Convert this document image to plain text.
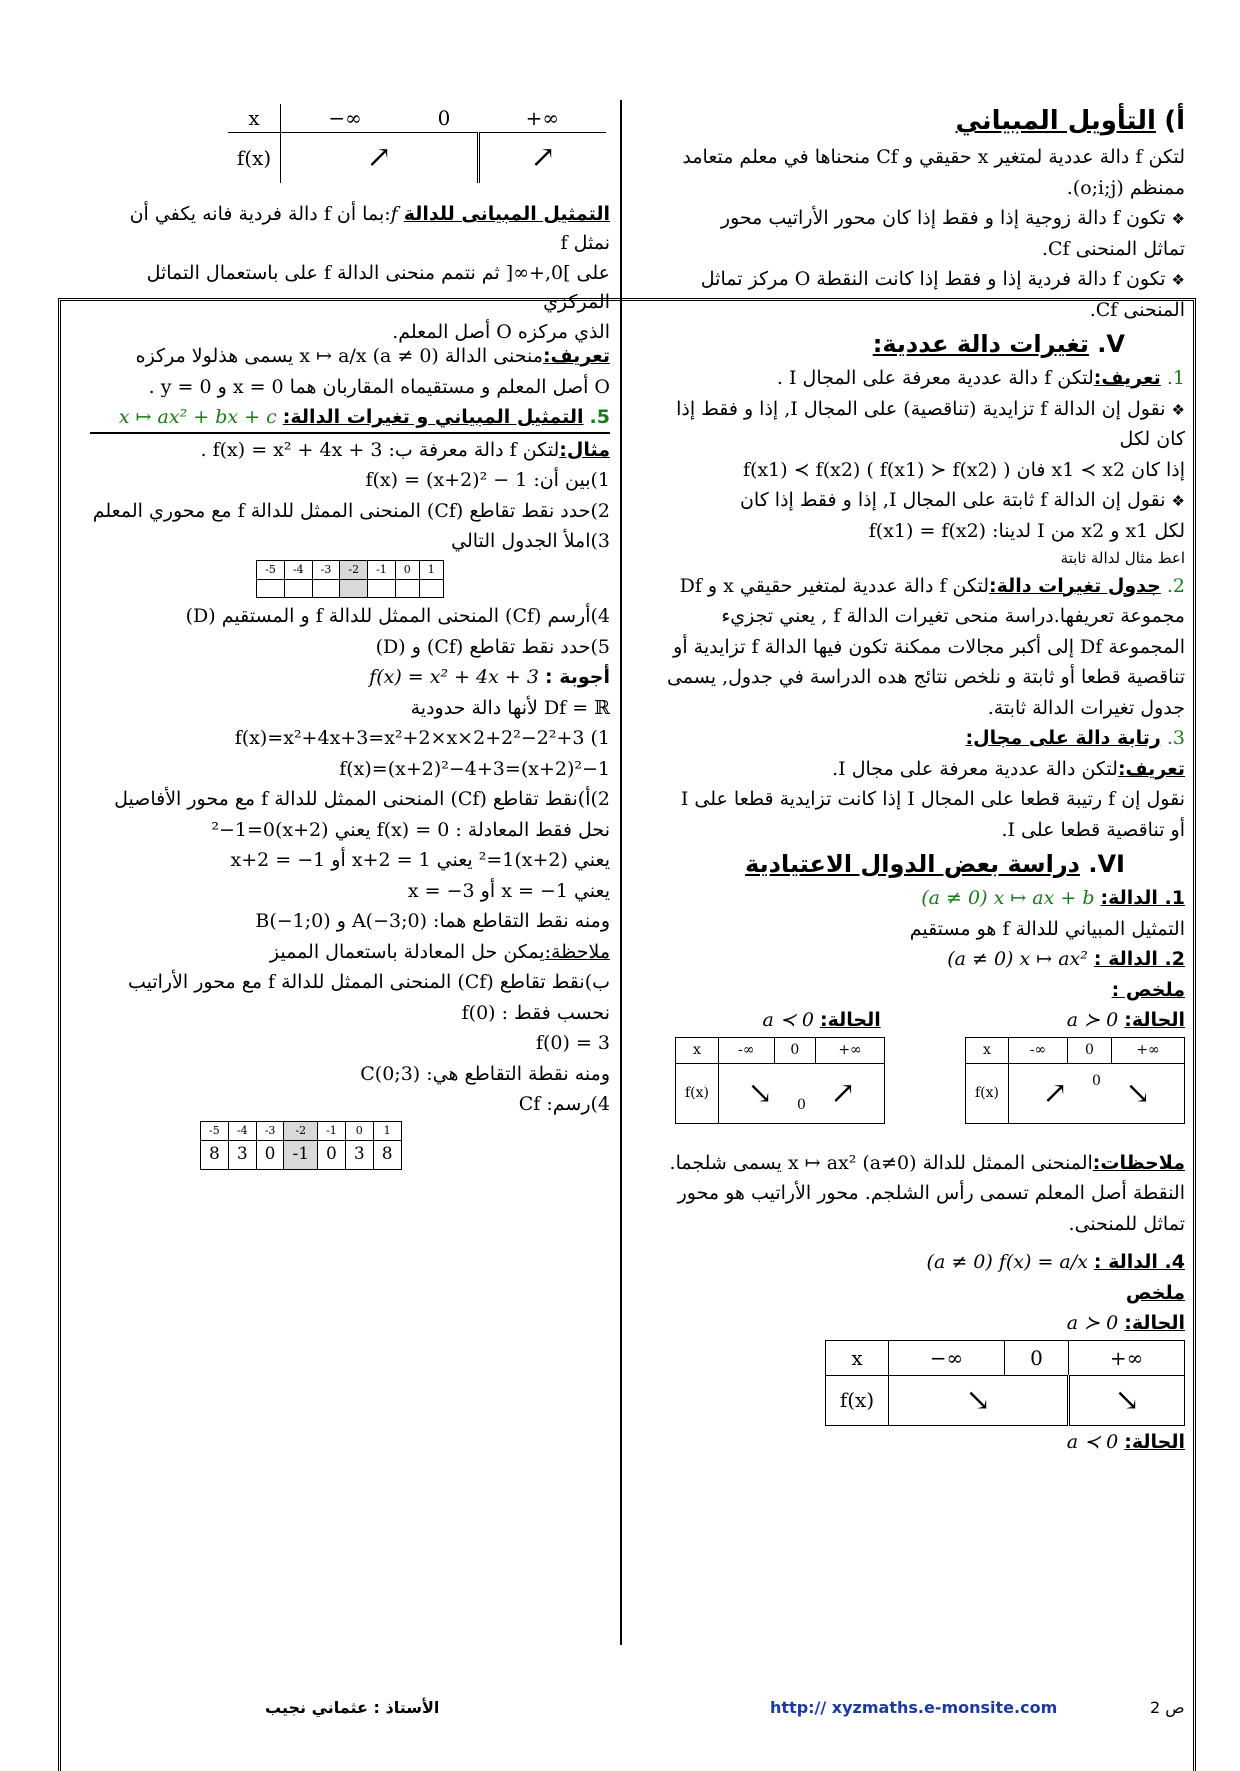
x	−∞	0	+∞
f(x)	↗	↗
التمثيل المبيانى للدالة f:بما أن f دالة فردية فانه يكفي أن نمثل f
على ]0,+∞[ ثم نتمم منحنى الدالة f على باستعمال التماثل المركزي
الذي مركزه O أصل المعلم.
أ) التأويل المبياني
لتكن f دالة عددية لمتغير x حقيقي و Cf منحناها في معلم متعامد
ممنظم (o;i;j).
❖ تكون f دالة زوجية إذا و فقط إذا كان محور الأراتيب محور
تماثل المنحنى Cf.
❖ تكون f دالة فردية إذا و فقط إذا كانت النقطة O مركز تماثل
المنحنى Cf.
V. تغيرات دالة عددية:
1. تعريف:لتكن f دالة عددية معرفة على المجال I .
❖ نقول إن الدالة f تزايدية (تناقصية) على المجال I, إذا و فقط إذا
كان لكل
إذا كان x1 ≺ x2 فان f(x1) ≺ f(x2) ( f(x1) ≻ f(x2) )
❖ نقول إن الدالة f ثابتة على المجال I, إذا و فقط إذا كان
لكل x1 و x2 من I لدينا: f(x1) = f(x2)
اعط مثال لدالة ثابتة
2. جدول تغيرات دالة:لتكن f دالة عددية لمتغير حقيقي x و Df
مجموعة تعريفها.دراسة منحى تغيرات الدالة f , يعني تجزيء
المجموعة Df إلى أكبر مجالات ممكنة تكون فيها الدالة f تزايدية أو
تناقصية قطعا أو ثابتة و نلخص نتائج هده الدراسة في جدول, يسمى
جدول تغيرات الدالة ثابتة.
3. رتابة دالة على مجال:
تعريف:لتكن دالة عددية معرفة على مجال I.
نقول إن f رتيبة قطعا على المجال I إذا كانت تزايدية قطعا على I
أو تناقصية قطعا على I.
VI. دراسة بعض الدوال الاعتيادية
1. الدالة: x ↦ ax + b (a ≠ 0)
التمثيل المبياني للدالة f هو مستقيم
2. الدالة : x ↦ ax² (a ≠ 0)
ملخص :
الحالة: a ≻ 0 الحالة: a ≺ 0
x	-∞	0	+∞
f(x)	↗ 0 ↘
x	-∞	0	+∞
f(x)	↘ 0 ↗
ملاحظات:المنحنى الممثل للدالة x ↦ ax² (a≠0) يسمى شلجما.
النقطة أصل المعلم تسمى رأس الشلجم. محور الأراتيب هو محور
تماثل للمنحنى.
4. الدالة : f(x) = a/x (a ≠ 0)
ملخص
الحالة: a ≻ 0
x	−∞	0	+∞
f(x)	↘	↘
الحالة: a ≺ 0
تعريف:منحنى الدالة x ↦ a/x (a ≠ 0) يسمى هذلولا مركزه
O أصل المعلم و مستقيماه المقاربان هما x = 0 و y = 0 .
5. التمثيل المبياني و تغيرات الدالة: x ↦ ax² + bx + c
مثال:لتكن f دالة معرفة ب: f(x) = x² + 4x + 3 .
1)بين أن: f(x) = (x+2)² − 1
2)حدد نقط تقاطع (Cf) المنحنى الممثل للدالة f مع محوري المعلم
3)املأ الجدول التالي
-5	-4	-3	-2	-1	0	1

4)أرسم (Cf) المنحنى الممثل للدالة f و المستقيم (D)
5)حدد نقط تقاطع (Cf) و (D)
أجوبة : f(x) = x² + 4x + 3
Df = ℝ لأنها دالة حدودية
f(x)=x²+4x+3=x²+2×x×2+2²−2²+3 (1
f(x)=(x+2)²−4+3=(x+2)²−1
2)أ)نقط تقاطع (Cf) المنحنى الممثل للدالة f مع محور الأفاصيل
نحل فقط المعادلة : f(x) = 0 يعني (x+2)²−1=0
يعني (x+2)²=1 يعني x+2 = 1 أو x+2 = −1
يعني x = −1 أو x = −3
ومنه نقط التقاطع هما: A(−3;0) و B(−1;0)
ملاحظة:يمكن حل المعادلة باستعمال المميز
ب)نقط تقاطع (Cf) المنحنى الممثل للدالة f مع محور الأراتيب
نحسب فقط : f(0)
f(0) = 3
ومنه نقطة التقاطع هي: C(0;3)
4)رسم: Cf
-5	-4	-3	-2	-1	0	1
8	3	0	-1	0	3	8
الأستاذ : عثماني نجيب	http:// xyzmaths.e-monsite.com	ص 2
